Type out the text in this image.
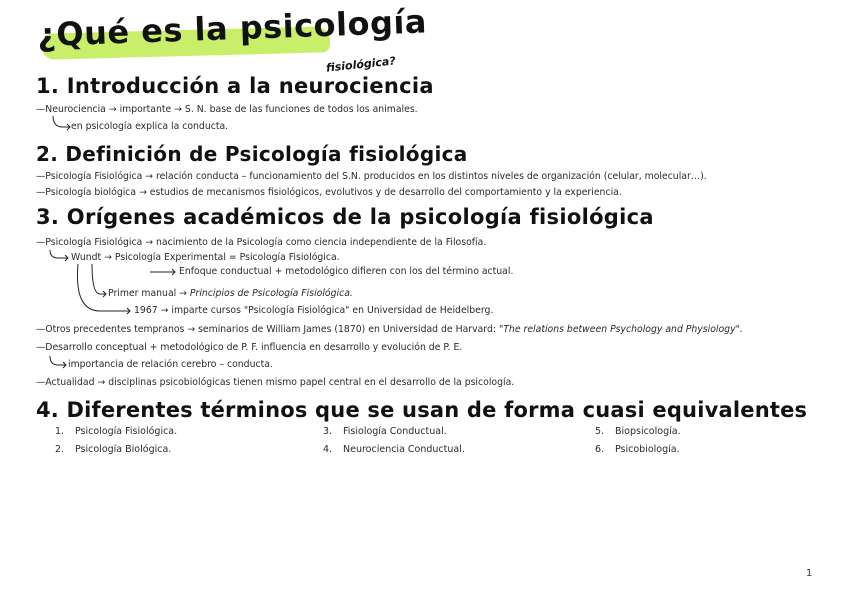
¿Qué es la psicología
fisiológica?
1. Introducción a la neurociencia
—Neurociencia → importante → S. N. base de las funciones de todos los animales.
en psicología explica la conducta.
2. Definición de Psicología fisiológica
—Psicología Fisiológica → relación conducta – funcionamiento del S.N. producidos en los distintos niveles de organización (celular, molecular…).
—Psicología biológica → estudios de mecanismos fisiológicos, evolutivos y de desarrollo del comportamiento y la experiencia.
3. Orígenes académicos de la psicología fisiológica
—Psicología Fisiológica → nacimiento de la Psicología como ciencia independiente de la Filosofía.
Wundt → Psicología Experimental = Psicología Fisiológica.
Enfoque conductual + metodológico difieren con los del término actual.
Primer manual → Principios de Psicología Fisiológica.
1967 → imparte cursos "Psicología Fisiológica" en Universidad de Heidelberg.
—Otros precedentes tempranos → seminarios de William James (1870) en Universidad de Harvard: "The relations between Psychology and Physiology".
—Desarrollo conceptual + metodológico de P. F. influencia en desarrollo y evolución de P. E.
importancia de relación cerebro – conducta.
—Actualidad → disciplinas psicobiológicas tienen mismo papel central en el desarrollo de la psicología.
4. Diferentes términos que se usan de forma cuasi equivalentes
1. Psicología Fisiológica.
2. Psicología Biológica.
3. Fisiología Conductual.
4. Neurociencia Conductual.
5. Biopsicología.
6. Psicobiología.
1
